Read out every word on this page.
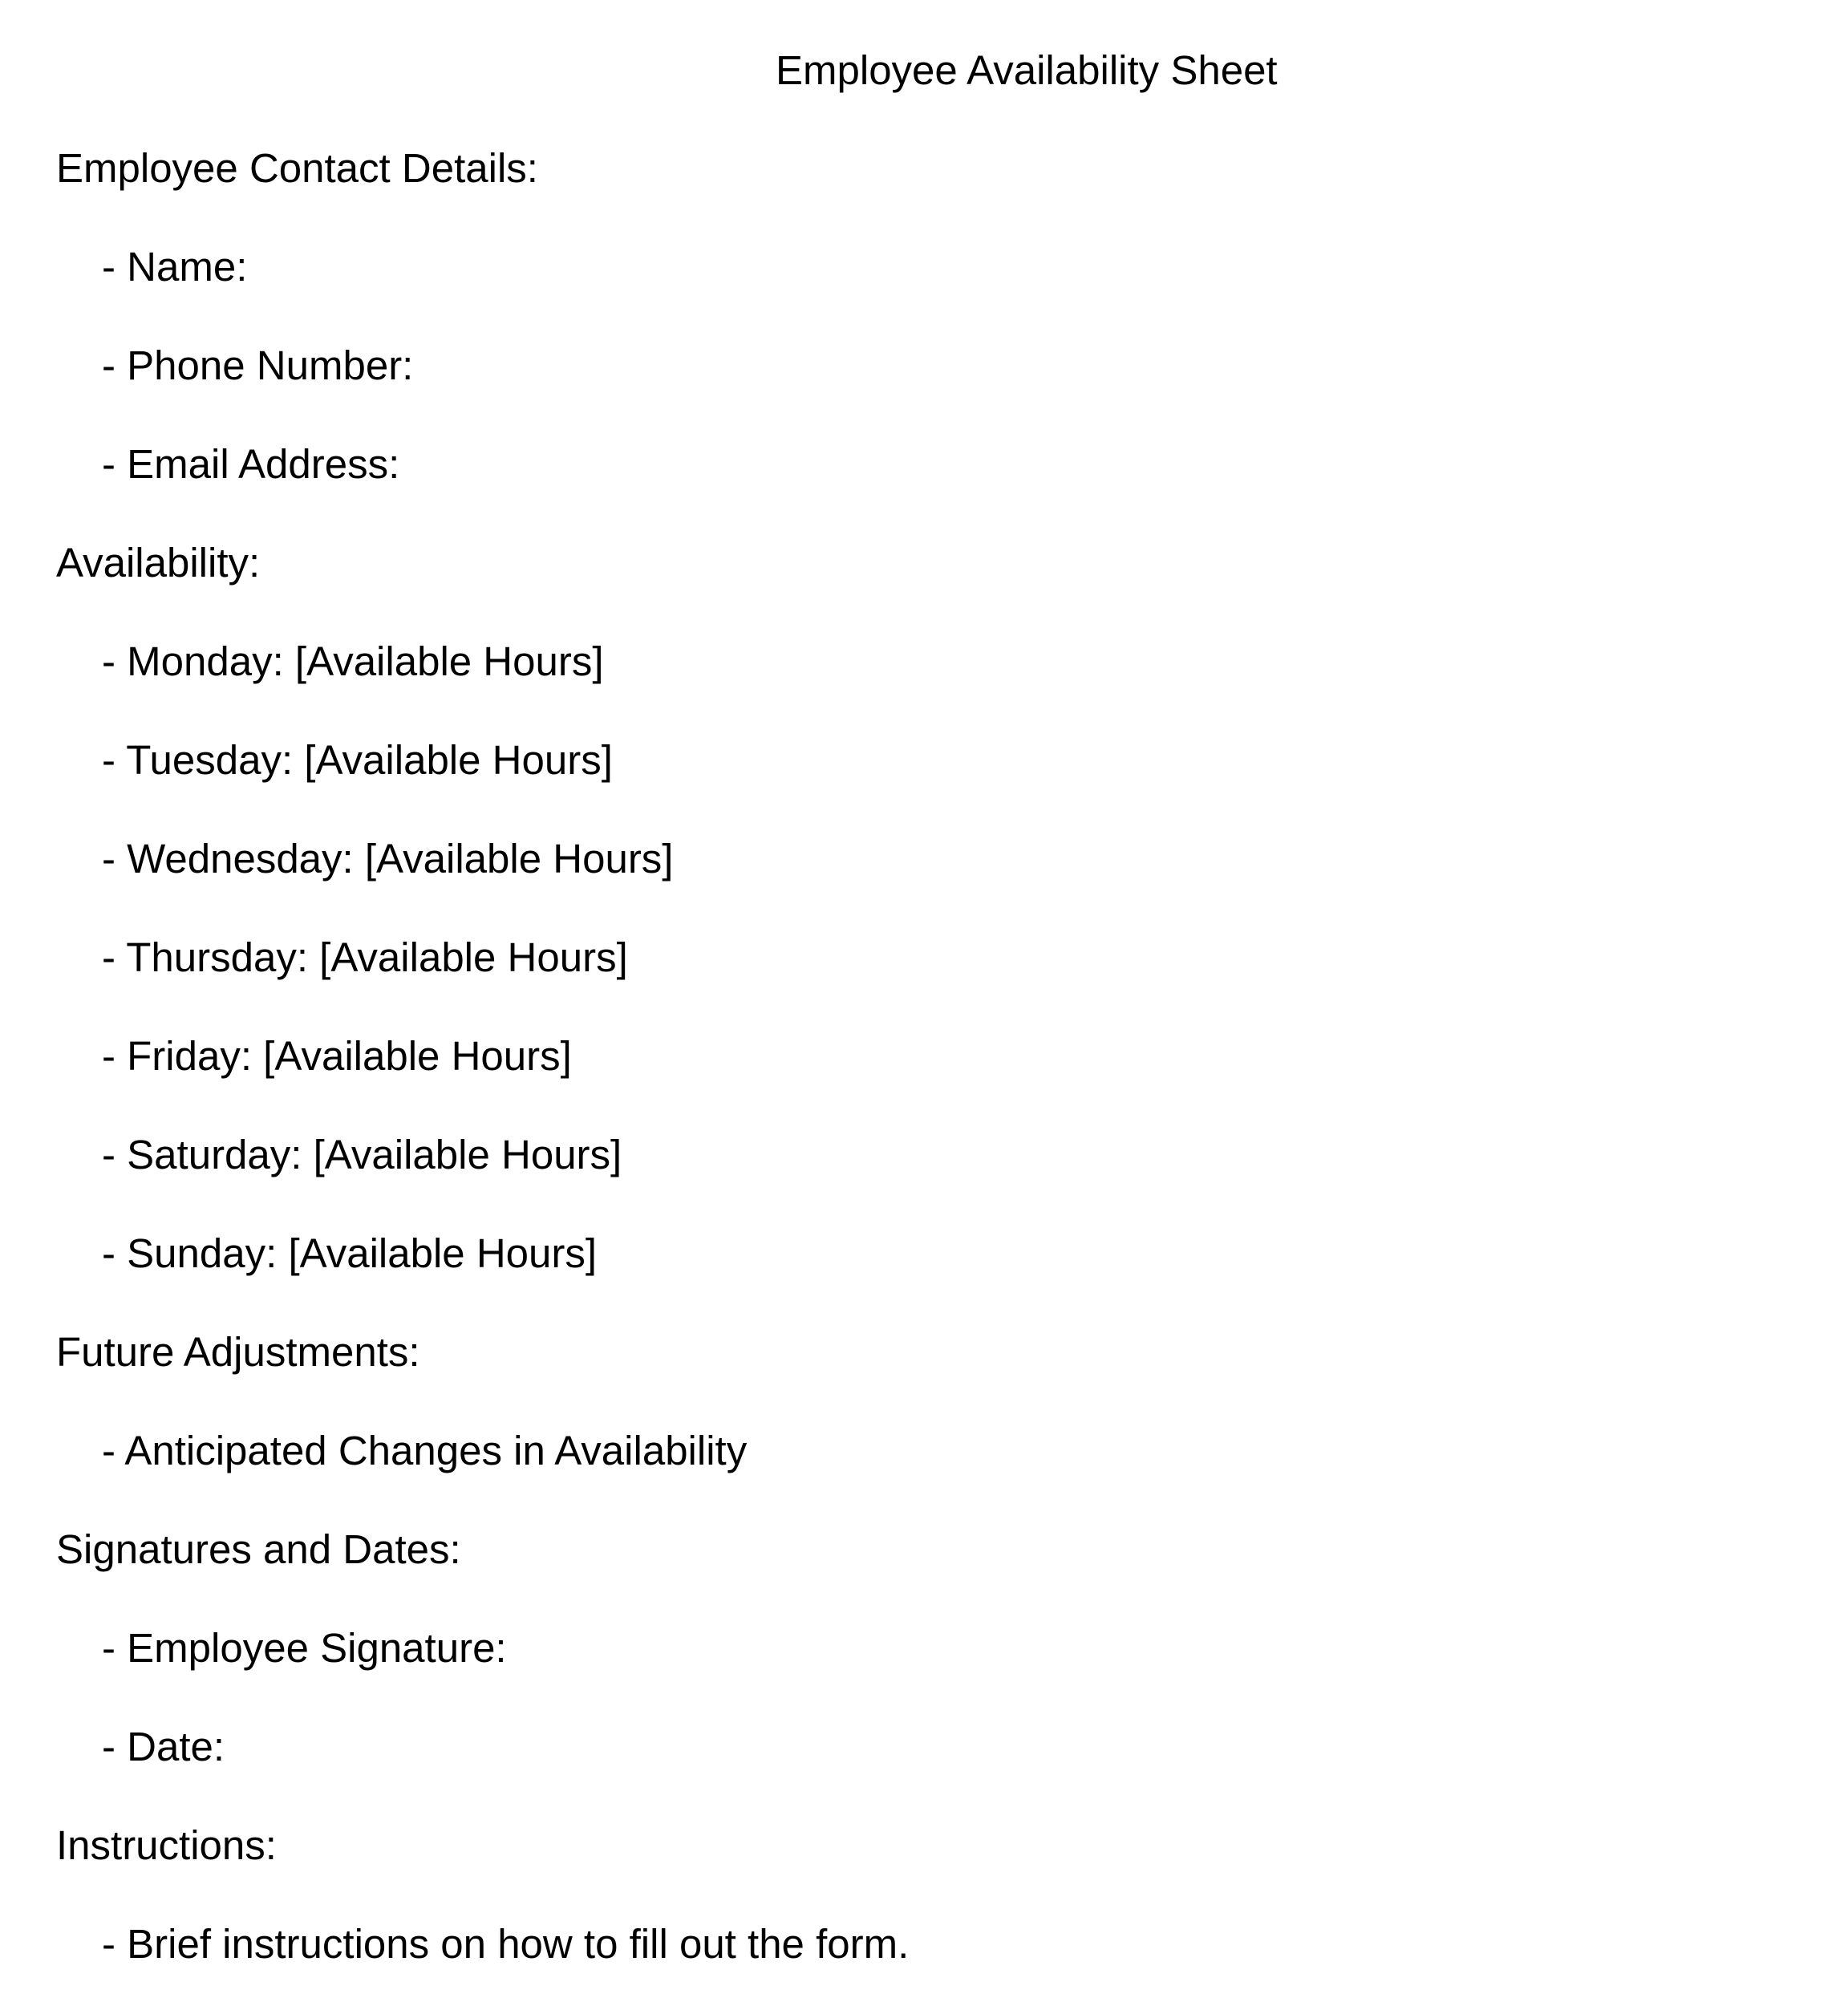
Employee Availability Sheet
Employee Contact Details:
- Name:
- Phone Number:
- Email Address:
Availability:
- Monday: [Available Hours]
- Tuesday: [Available Hours]
- Wednesday: [Available Hours]
- Thursday: [Available Hours]
- Friday: [Available Hours]
- Saturday: [Available Hours]
- Sunday: [Available Hours]
Future Adjustments:
- Anticipated Changes in Availability
Signatures and Dates:
- Employee Signature:
- Date:
Instructions:
- Brief instructions on how to fill out the form.
